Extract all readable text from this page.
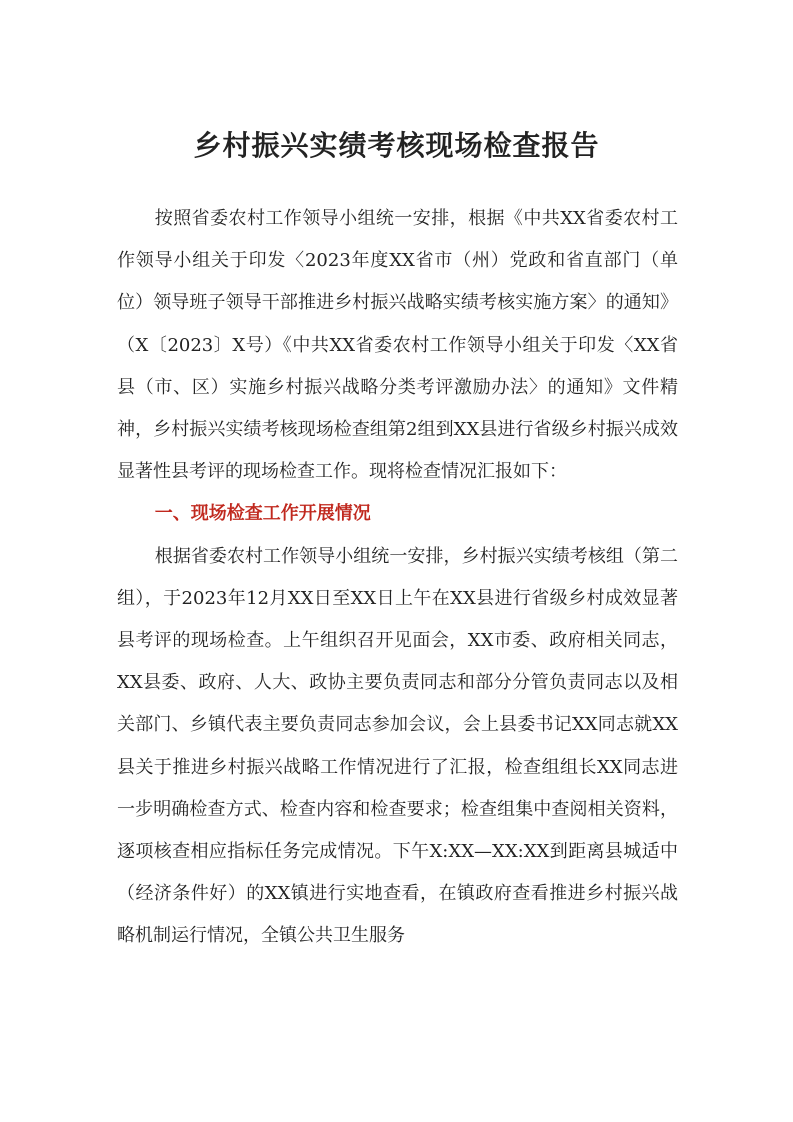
乡村振兴实绩考核现场检查报告

按照省委农村工作领导小组统一安排，根据《中共XX省委农村工作领导小组关于印发〈2023年度XX省市（州）党政和省直部门（单位）领导班子领导干部推进乡村振兴战略实绩考核实施方案〉的通知》（X〔2023〕X号）《中共XX省委农村工作领导小组关于印发〈XX省县（市、区）实施乡村振兴战略分类考评激励办法〉的通知》文件精神，乡村振兴实绩考核现场检查组第2组到XX县进行省级乡村振兴成效显著性县考评的现场检查工作。现将检查情况汇报如下：

一、现场检查工作开展情况

根据省委农村工作领导小组统一安排，乡村振兴实绩考核组（第二组），于2023年12月XX日至XX日上午在XX县进行省级乡村成效显著县考评的现场检查。上午组织召开见面会，XX市委、政府相关同志，XX县委、政府、人大、政协主要负责同志和部分分管负责同志以及相关部门、乡镇代表主要负责同志参加会议，会上县委书记XX同志就XX县关于推进乡村振兴战略工作情况进行了汇报，检查组组长XX同志进一步明确检查方式、检查内容和检查要求；检查组集中查阅相关资料，逐项核查相应指标任务完成情况。下午X:XX—XX:XX到距离县城适中（经济条件好）的XX镇进行实地查看，在镇政府查看推进乡村振兴战略机制运行情况，全镇公共卫生服务
